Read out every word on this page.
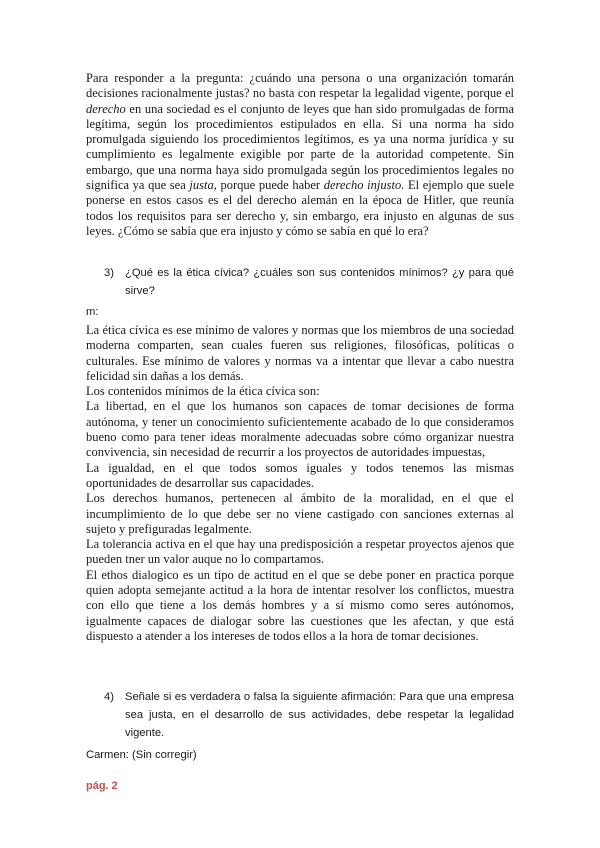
Para responder a la pregunta: ¿cuándo una persona o una organización tomarán decisiones racionalmente justas? no basta con respetar la legalidad vigente, porque el derecho en una sociedad es el conjunto de leyes que han sido promulgadas de forma legítima, según los procedimientos estipulados en ella. Si una norma ha sido promulgada siguiendo los procedimientos legítimos, es ya una norma jurídica y su cumplimiento es legalmente exigible por parte de la autoridad competente. Sin embargo, que una norma haya sido promulgada según los procedimientos legales no significa ya que sea justa, porque puede haber derecho injusto. El ejemplo que suele ponerse en estos casos es el del derecho alemán en la época de Hitler, que reunía todos los requisitos para ser derecho y, sin embargo, era injusto en algunas de sus leyes. ¿Cómo se sabía que era injusto y cómo se sabía en qué lo era?
3) ¿Qué es la ética cívica? ¿cuáles son sus contenidos mínimos? ¿y para qué sirve?

m:

La ética cívica es ese mínimo de valores y normas que los miembros de una sociedad moderna comparten, sean cuales fueren sus religiones, filosóficas, políticas o culturales. Ese mínimo de valores y normas va a intentar que llevar a cabo nuestra felicidad sin dañas a los demás.

Los contenidos mínimos de la ética cívica son:

La libertad, en el que los humanos son capaces de tomar decisiones de forma autónoma, y tener un conocimiento suficientemente acabado de lo que consideramos bueno como para tener ideas moralmente adecuadas sobre cómo organizar nuestra convivencia, sin necesidad de recurrir a los proyectos de autoridades impuestas,

La igualdad, en el que todos somos iguales y todos tenemos las mismas oportunidades de desarrollar sus capacidades.

Los derechos humanos, pertenecen al ámbito de la moralidad, en el que el incumplimiento de lo que debe ser no viene castigado con sanciones externas al sujeto y prefiguradas legalmente.

La tolerancia activa en el que hay una predisposición a respetar proyectos ajenos que pueden tner un valor auque no lo compartamos.

El ethos dialogico es un tipo de actitud en el que se debe poner en practica porque quien adopta semejante actitud a la hora de intentar resolver los conflictos, muestra con ello que tiene a los demás hombres y a sí mismo como seres autónomos, igualmente capaces de dialogar sobre las cuestiones que les afectan, y que está dispuesto a atender a los intereses de todos ellos a la hora de tomar decisiones.

4) Señale si es verdadera o falsa la siguiente afirmación: Para que una empresa sea justa, en el desarrollo de sus actividades, debe respetar la legalidad vigente.

Carmen: (Sin corregir)
pág. 2
